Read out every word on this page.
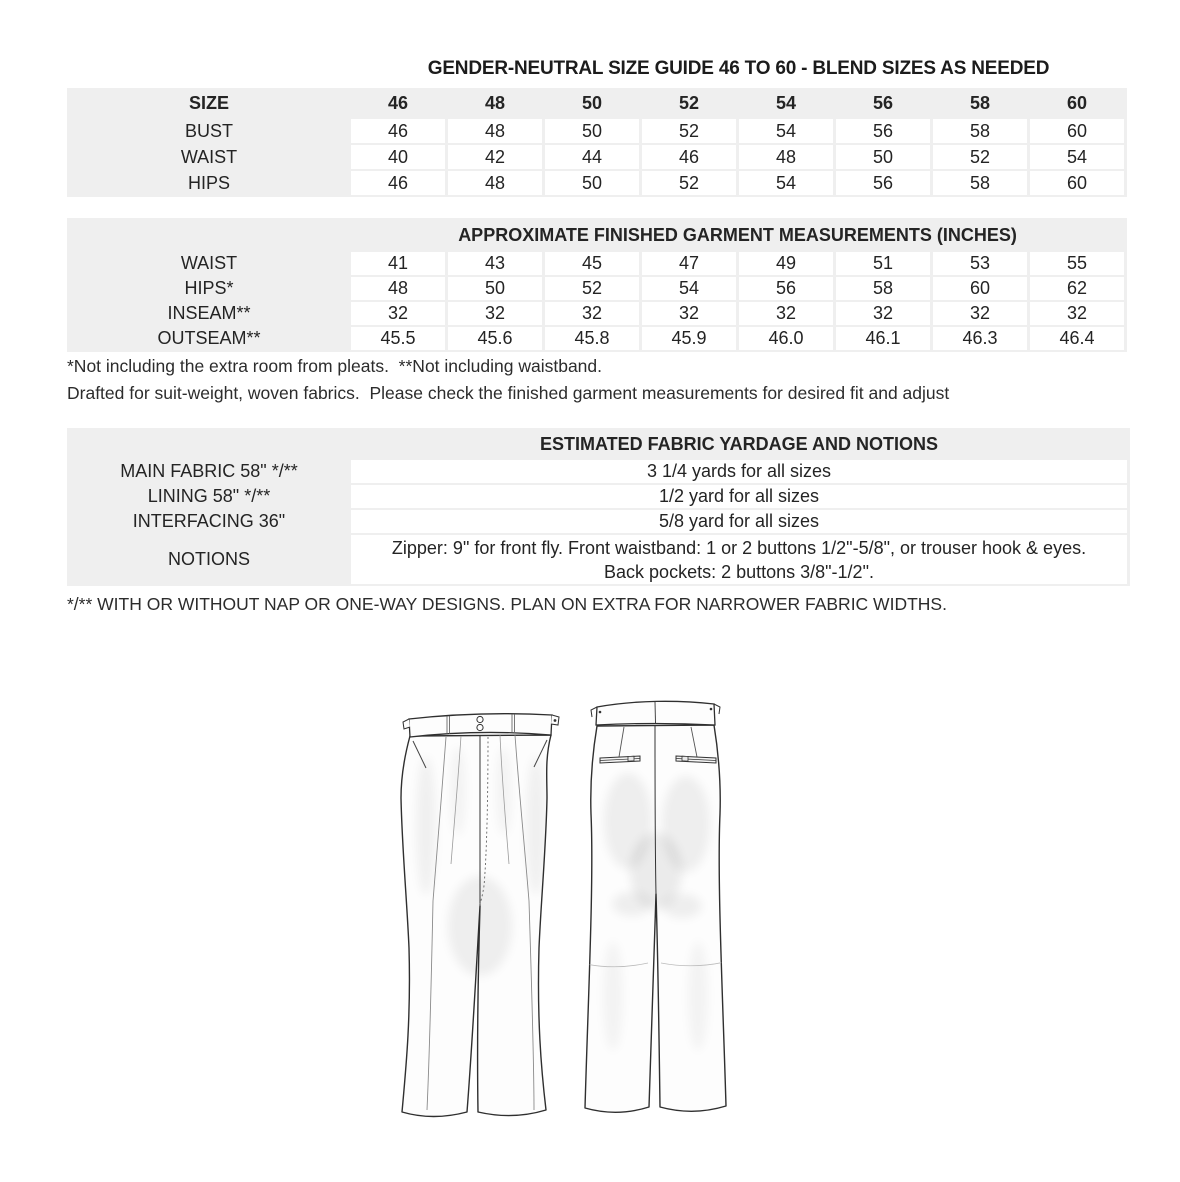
GENDER-NEUTRAL SIZE GUIDE 46 TO 60 - BLEND SIZES AS NEEDED
SIZE	46	48	50	52	54	56	58	60
BUST	46	48	50	52	54	56	58	60
WAIST	40	42	44	46	48	50	52	54
HIPS	46	48	50	52	54	56	58	60
	APPROXIMATE FINISHED GARMENT MEASUREMENTS (INCHES)							
WAIST	41	43	45	47	49	51	53	55
HIPS*	48	50	52	54	56	58	60	62
INSEAM**	32	32	32	32	32	32	32	32
OUTSEAM**	45.5	45.6	45.8	45.9	46.0	46.1	46.3	46.4
*Not including the extra room from pleats.  **Not including waistband.
Drafted for suit-weight, woven fabrics.  Please check the finished garment measurements for desired fit and adjust
	ESTIMATED FABRIC YARDAGE AND NOTIONS
MAIN FABRIC 58" */**	3 1/4 yards for all sizes
LINING 58" */**	1/2 yard for all sizes
INTERFACING 36"	5/8 yard for all sizes
NOTIONS	Zipper: 9" for front fly. Front waistband: 1 or 2 buttons 1/2"-5/8", or trouser hook & eyes.
Back pockets: 2 buttons 3/8"-1/2".
*/** WITH OR WITHOUT NAP OR ONE-WAY DESIGNS. PLAN ON EXTRA FOR NARROWER FABRIC WIDTHS.
